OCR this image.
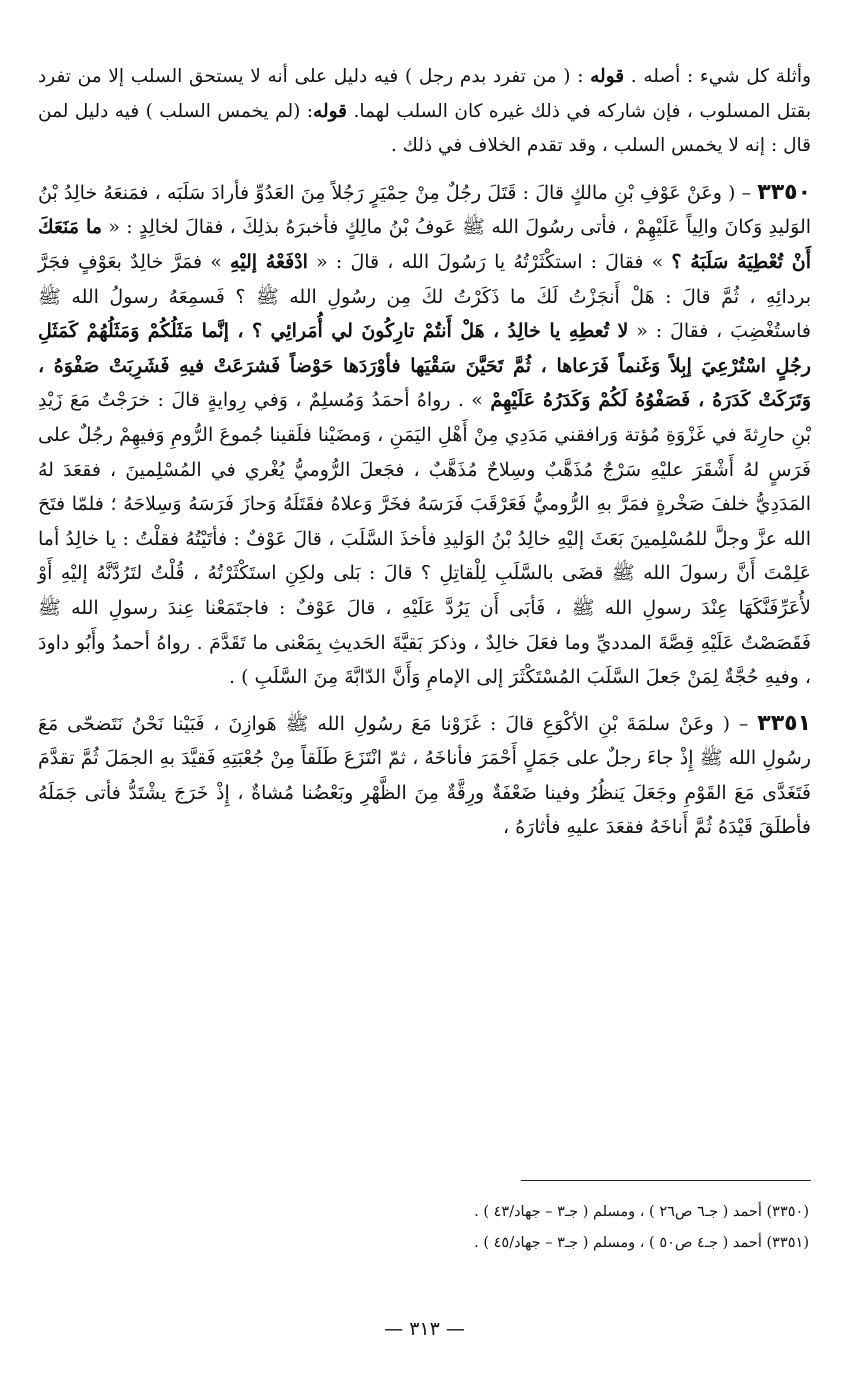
وأثلة كل شيء : أصله . قوله : ( من تفرد بدم رجل ) فيه دليل على أنه لا يستحق السلب إلا من تفرد بقتل المسلوب ، فإن شاركه في ذلك غيره كان السلب لهما. قوله: (لم يخمس السلب ) فيه دليل لمن قال : إنه لا يخمس السلب ، وقد تقدم الخلاف في ذلك .

٣٣٥٠ – ( وعَنْ عَوْفِ بْنِ مالكٍ قالَ : قَتَلَ رجُلٌ مِنْ حِمْيَرٍ رَجُلاً مِنَ العَدُوِّ فأرادَ سَلَبَه ، فمَنعَهُ خالِدُ بْنُ الوَليدِ وَكانَ والِياً عَلَيْهِمْ ، فأتى رسُولَ الله ﷺ عَوفُ بْنُ مالِكٍ فأخبرَهُ بذلِكَ ، فقالَ لخالِدٍ : « ما مَنَعَكَ أَنْ تُعْطِيَهُ سَلَبَهُ ؟ » فقالَ : استكْثَرْتُهُ يا رَسُولَ الله ، قالَ : « ادْفَعْهُ إليْهِ » فمَرَّ خالِدٌ بعَوْفٍ فجَرَّ بردائِهِ ، ثُمَّ قالَ : هَلْ أَنجَزْتُ لَكَ ما ذَكَرْتُ لكَ مِن رسُولِ الله ﷺ ؟ فَسمِعَهُ رسولُ الله ﷺ فاستُغْضِبَ ، فقالَ : « لا تُعطِهِ يا خالِدُ ، هَلْ أَنتُمْ تارِكُونَ لي أُمَرائِي ؟ ، إنَّما مَثَلُكُمْ وَمَثَلُهُمْ كَمَثَلِ رجُلٍ اسْتُرْعِيَ إبِلاً وَغَنماً فَرَعاها ، ثُمَّ تَحَيَّنَ سَقْيَها فأوْرَدَها حَوْضاً فَشرَعَتْ فيهِ فَشَرِبَتْ صَفْوَهُ ، وَتَرَكَتْ كَدَرَهُ ، فَصَفْوُهُ لَكُمْ وَكَدَرُهُ عَلَيْهِمْ » . رواهُ أحمَدُ وَمُسلِمٌ ، وَفي رِوايةٍ قالَ : خرَجْتُ مَعَ زَيْدِ بْنِ حارِثةَ في غَزْوَةِ مُؤتة وَرافقني مَدَدِي مِنْ أَهْلِ اليَمَنِ ، وَمضَيْنا فلَقينا جُموعَ الرُّومِ وَفيهِمْ رجُلٌ على فَرَسٍ لهُ أَشْقَرَ عليْهِ سَرْجٌ مُذَهَّبٌ وسِلاحٌ مُذَهَّبٌ ، فجَعلَ الرُّوميُّ يُغْري في المُسْلِمينَ ، فقعَدَ لهُ المَدَدِيُّ خلفَ صَخْرةٍ فمَرَّ بهِ الرُّوميُّ فَعَرْقَبَ فَرَسَهُ فخَرَّ وَعلاهُ فقَتَلَهُ وَحازَ فَرَسَهُ وَسِلاحَهُ ؛ فلمّا فتَحَ الله عزَّ وجلَّ للمُسْلِمينَ بَعَثَ إليْهِ خالِدُ بْنُ الوَليدِ فأخذَ السَّلَبَ ، قالَ عَوْفٌ : فأتَيْتُهُ فقلْتُ : يا خالِدُ أما عَلِمْتَ أَنَّ رسولَ الله ﷺ قضَى بالسَّلَبِ لِلْقاتِلِ ؟ قالَ : بَلى ولكِنِ استَكْثَرْتُهُ ، قُلْتُ لتَرُدَّنَّهُ إليْهِ أَوْ لأُعَرِّفَنَّكَهَا عِنْدَ رسولِ الله ﷺ ، فَأبَى أَن يَرُدَّ عَلَيْهِ ، قالَ عَوْفٌ : فاجتَمَعْنا عِندَ رسولِ الله ﷺ فَقَصَصْتُ عَلَيْهِ قِصَّةَ المدديِّ وما فعَلَ خالِدٌ ، وذكرَ بَقيَّةَ الحَديثِ بِمَعْنى ما تَقَدَّمَ . رواهُ أحمدُ وأَبُو داودَ ، وفيهِ حُجَّةٌ لِمَنْ جَعلَ السَّلَبَ المُسْتَكْثَرَ إلى الإمامِ وَأَنَّ الدّابَّةَ مِنَ السَّلَبِ ) .

٣٣٥١ – ( وعَنْ سلمَةَ بْنِ الأكْوَعِ قالَ : غَزَوْنا مَعَ رسُولِ الله ﷺ هَوازِنَ ، فَبَيْنا نَحْنُ نَتَضحّى مَعَ رسُولِ الله ﷺ إِذْ جاءَ رجلٌ على جَمَلٍ أَحْمَرَ فأناخَهُ ، ثمّ انْتَزَعَ طَلَقاً مِنْ جُعْبَتِهِ فَقيَّدَ بهِ الجمَلَ ثُمَّ تقدَّمَ فَتَغَدَّى مَعَ القَوْمِ وجَعَلَ يَنظُرُ وفينا ضَعْفَةٌ ورِقَّةٌ مِنَ الظَّهْرِ وبَعْضُنا مُشاةٌ ، إِذْ خَرَجَ يشْتَدُّ فأتى جَمَلَهُ فأطلَقَ قَيْدَهُ ثُمَّ أَناخَهُ فقعَدَ عليهِ فأثارَهُ ،

(٣٣٥٠) أحمد ( جـ٦ ص٢٦ ) ، ومسلم ( جـ٣ – جهاد/٤٣ ) .

(٣٣٥١) أحمد ( جـ٤ ص٥٠ ) ، ومسلم ( جـ٣ – جهاد/٤٥ ) .

— ٣١٣ —
